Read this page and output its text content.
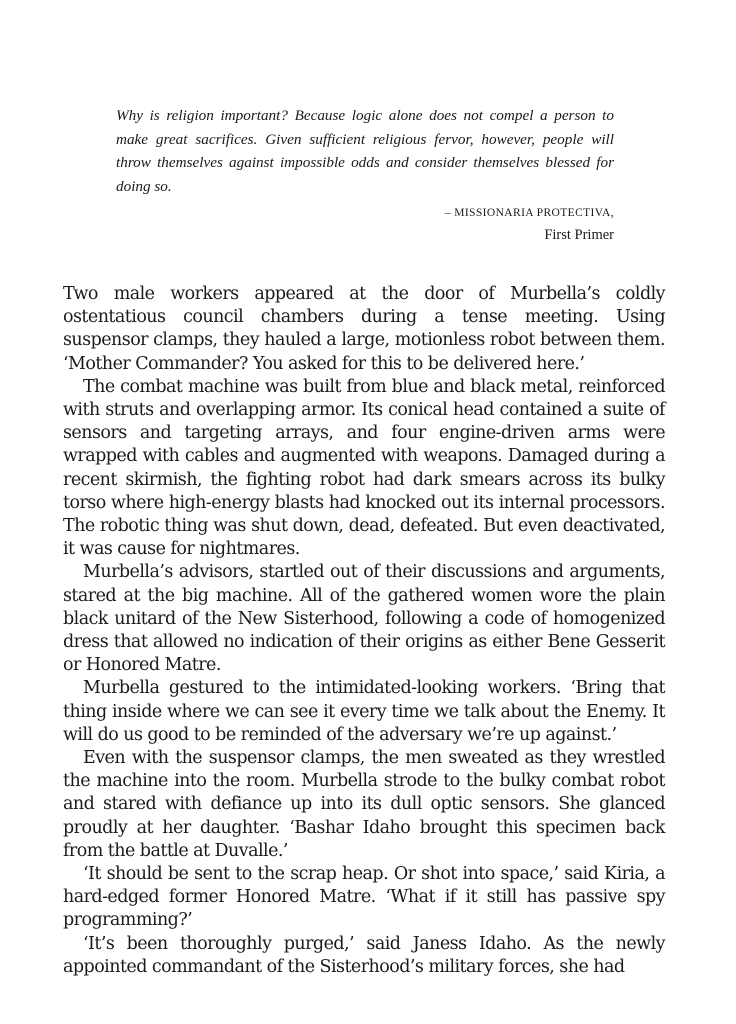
Why is religion important? Because logic alone does not compel a person to make great sacrifices. Given sufficient religious fervor, however, people will throw themselves against impossible odds and consider themselves blessed for doing so.

– MISSIONARIA PROTECTIVA,
First Primer

Two male workers appeared at the door of Murbella’s coldly ostentatious council chambers during a tense meeting. Using suspensor clamps, they hauled a large, motionless robot between them. ‘Mother Commander? You asked for this to be delivered here.’

The combat machine was built from blue and black metal, reinforced with struts and overlapping armor. Its conical head contained a suite of sensors and targeting arrays, and four engine-driven arms were wrapped with cables and augmented with weapons. Damaged during a recent skirmish, the fighting robot had dark smears across its bulky torso where high-energy blasts had knocked out its internal processors. The robotic thing was shut down, dead, defeated. But even deactivated, it was cause for nightmares.

Murbella’s advisors, startled out of their discussions and arguments, stared at the big machine. All of the gathered women wore the plain black unitard of the New Sisterhood, following a code of homogenized dress that allowed no indication of their origins as either Bene Gesserit or Honored Matre.

Murbella gestured to the intimidated-looking workers. ‘Bring that thing inside where we can see it every time we talk about the Enemy. It will do us good to be reminded of the adversary we’re up against.’

Even with the suspensor clamps, the men sweated as they wrestled the machine into the room. Murbella strode to the bulky combat robot and stared with defiance up into its dull optic sensors. She glanced proudly at her daughter. ‘Bashar Idaho brought this specimen back from the battle at Duvalle.’

‘It should be sent to the scrap heap. Or shot into space,’ said Kiria, a hard-edged former Honored Matre. ‘What if it still has passive spy programming?’

‘It’s been thoroughly purged,’ said Janess Idaho. As the newly appointed commandant of the Sisterhood’s military forces, she had
